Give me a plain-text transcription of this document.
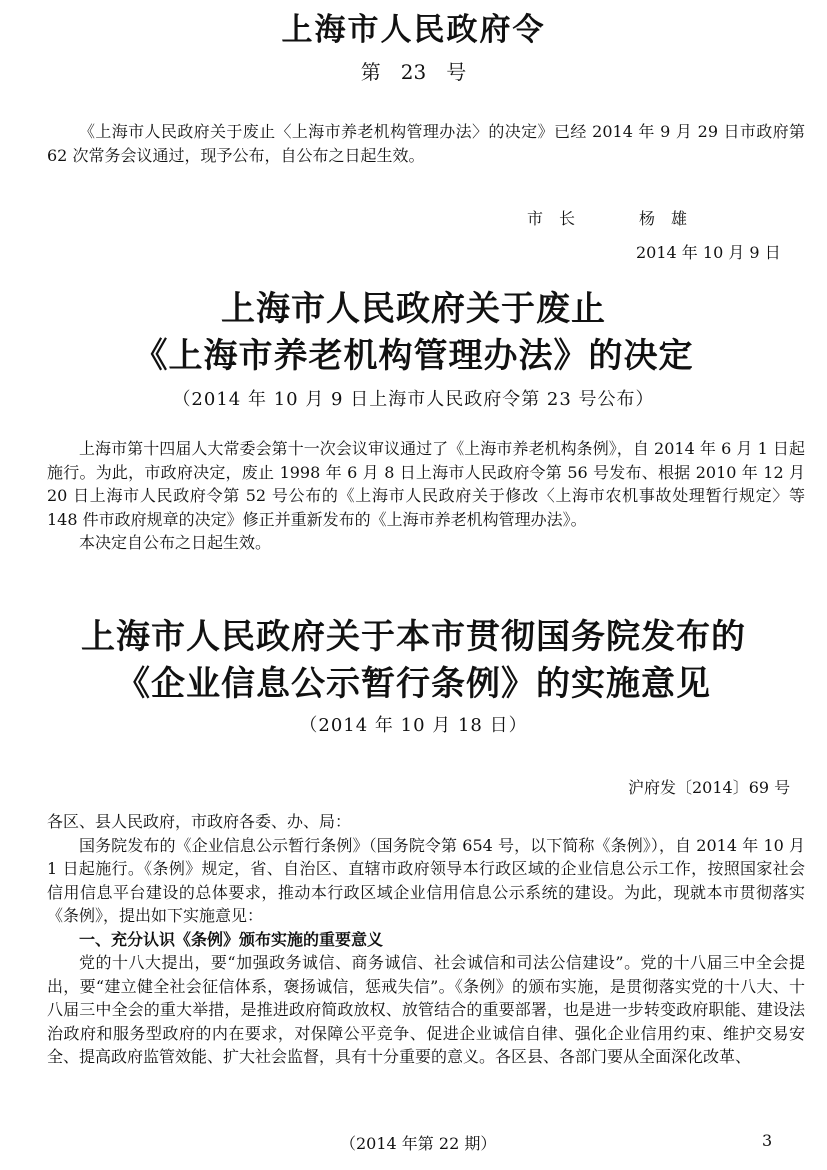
上海市人民政府令
第　23　号

《上海市人民政府关于废止〈上海市养老机构管理办法〉的决定》已经 2014 年 9 月 29 日市政府第 62 次常务会议通过，现予公布，自公布之日起生效。

市　长　　　　杨　雄
2014 年 10 月 9 日
上海市人民政府关于废止
《上海市养老机构管理办法》的决定
（2014 年 10 月 9 日上海市人民政府令第 23 号公布）

上海市第十四届人大常委会第十一次会议审议通过了《上海市养老机构条例》，自 2014 年 6 月 1 日起施行。为此，市政府决定，废止 1998 年 6 月 8 日上海市人民政府令第 56 号发布、根据 2010 年 12 月 20 日上海市人民政府令第 52 号公布的《上海市人民政府关于修改〈上海市农机事故处理暂行规定〉等 148 件市政府规章的决定》修正并重新发布的《上海市养老机构管理办法》。

本决定自公布之日起生效。

上海市人民政府关于本市贯彻国务院发布的
《企业信息公示暂行条例》的实施意见
（2014 年 10 月 18 日）
沪府发〔2014〕69 号

各区、县人民政府，市政府各委、办、局：

国务院发布的《企业信息公示暂行条例》（国务院令第 654 号，以下简称《条例》），自 2014 年 10 月 1 日起施行。《条例》规定，省、自治区、直辖市政府领导本行政区域的企业信息公示工作，按照国家社会信用信息平台建设的总体要求，推动本行政区域企业信用信息公示系统的建设。为此，现就本市贯彻落实《条例》，提出如下实施意见：

一、充分认识《条例》颁布实施的重要意义

党的十八大提出，要“加强政务诚信、商务诚信、社会诚信和司法公信建设”。党的十八届三中全会提出，要“建立健全社会征信体系，褒扬诚信，惩戒失信”。《条例》的颁布实施，是贯彻落实党的十八大、十八届三中全会的重大举措，是推进政府简政放权、放管结合的重要部署，也是进一步转变政府职能、建设法治政府和服务型政府的内在要求，对保障公平竞争、促进企业诚信自律、强化企业信用约束、维护交易安全、提高政府监管效能、扩大社会监督，具有十分重要的意义。各区县、各部门要从全面深化改革、

（2014 年第 22 期）	3
